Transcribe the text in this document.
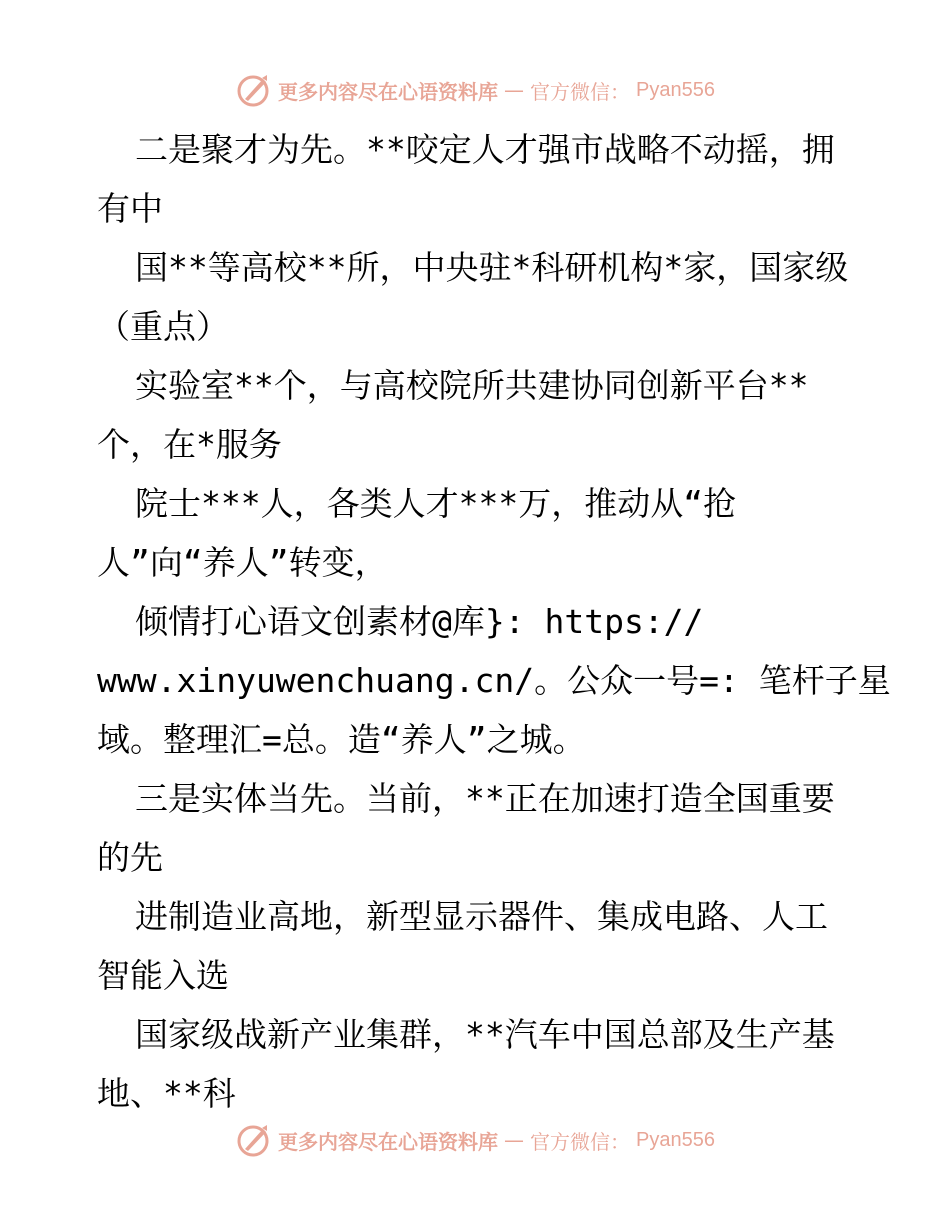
更多内容尽在心语资料库 — 官方微信： Pyan556
二是聚才为先。**咬定人才强市战略不动摇，拥
有中
国**等高校**所，中央驻*科研机构*家，国家级
（重点）
实验室**个，与高校院所共建协同创新平台**
个，在*服务
院士***人，各类人才***万，推动从“抢
人”向“养人”转变，
倾情打心语文创素材@库}: https://
www.xinyuwenchuang.cn/。公众一号=: 笔杆子星
域。整理汇=总。造“养人”之城。
三是实体当先。当前，**正在加速打造全国重要
的先
进制造业高地，新型显示器件、集成电路、人工
智能入选
国家级战新产业集群，**汽车中国总部及生产基
地、**科
更多内容尽在心语资料库 — 官方微信： Pyan556
